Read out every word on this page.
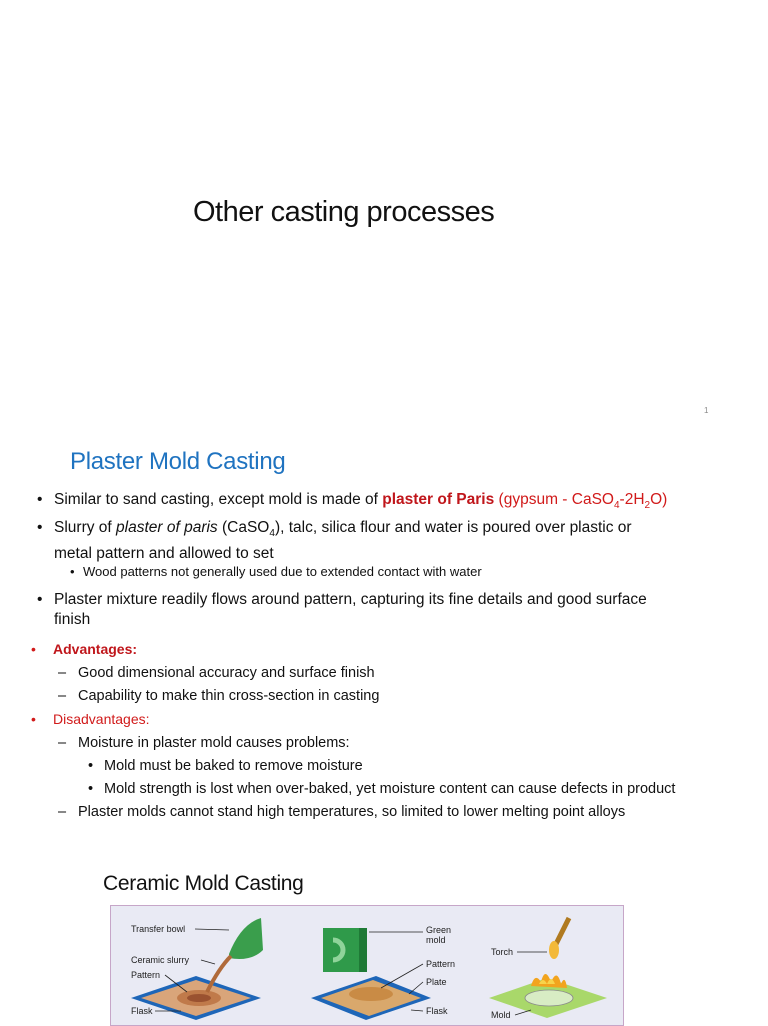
Other casting processes
1
Plaster Mold Casting
• Similar to sand casting, except mold is made of plaster of Paris (gypsum - $CaSO_4-2H_2O$)
• Slurry of plaster of paris (CaSO$_4$), talc, silica flour and water is poured over plastic or
metal pattern and allowed to set
• Wood patterns not generally used due to extended contact with water
• Plaster mixture readily flows around pattern, capturing its fine details and good surface
finish
• Advantages:
– Good dimensional accuracy and surface finish
– Capability to make thin cross-section in casting
• Disadvantages:
– Moisture in plaster mold causes problems:
• Mold must be baked to remove moisture
• Mold strength is lost when over-baked, yet moisture content can cause defects in product
– Plaster molds cannot stand high temperatures, so limited to lower melting point alloys
Ceramic Mold Casting
Transfer bowl
Ceramic slurry
Pattern
Flask
Green
mold
Pattern
Plate
Flask
Torch
Mold
